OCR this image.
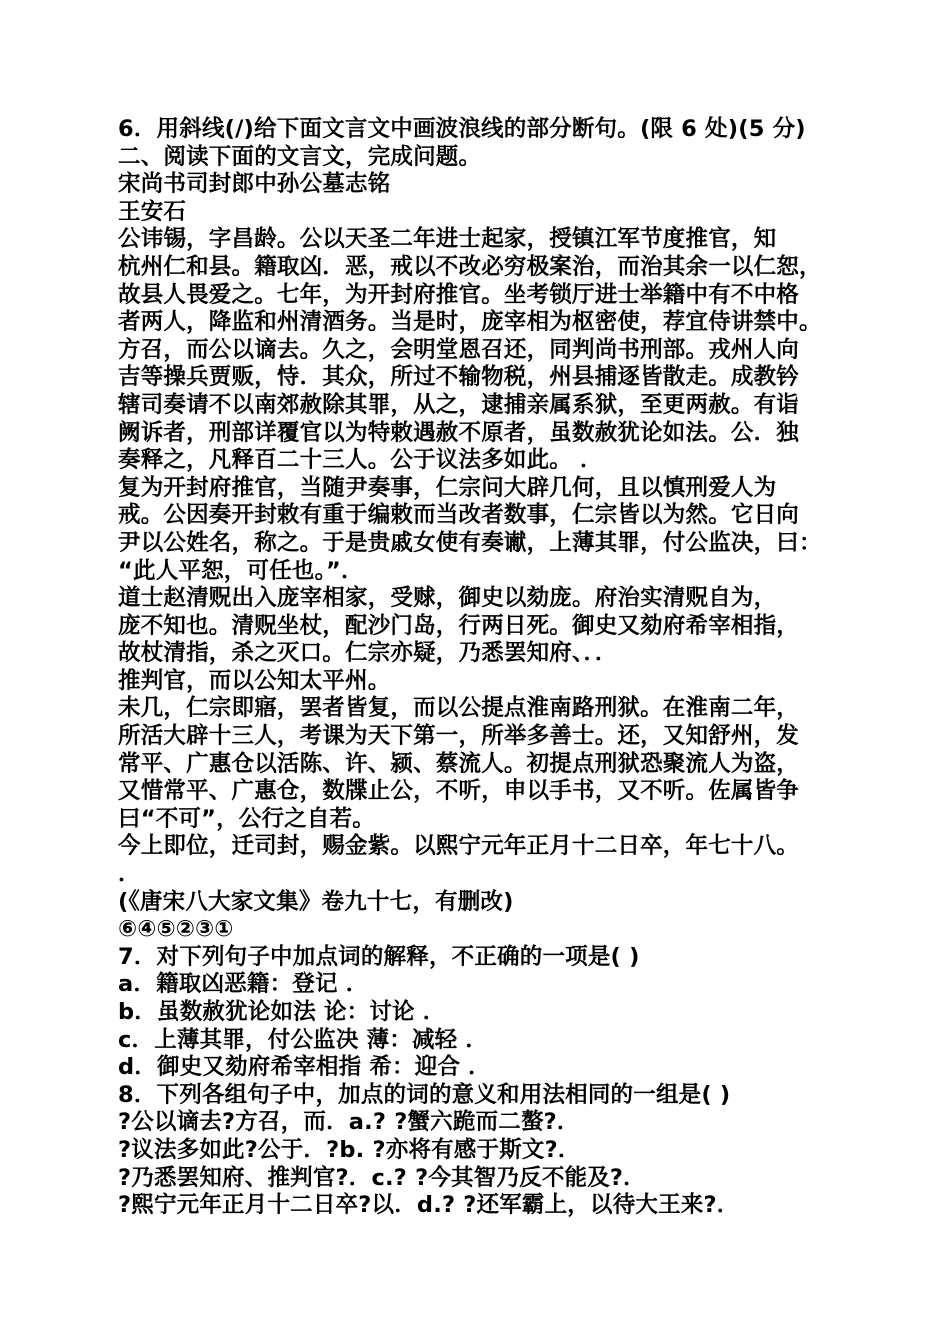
6．用斜线(/)给下面文言文中画波浪线的部分断句。(限 6 处)(5 分)
二、阅读下面的文言文，完成问题。
宋尚书司封郎中孙公墓志铭
王安石
公讳锡，字昌龄。公以天圣二年进士起家，授镇江军节度推官，知
杭州仁和县。籍取凶．恶，戒以不改必穷极案治，而治其余一以仁恕，
故县人畏爱之。七年，为开封府推官。坐考锁厅进士举籍中有不中格
者两人，降监和州清酒务。当是时，庞宰相为枢密使，荐宜侍讲禁中。
方召，而公以谪去。久之，会明堂恩召还，同判尚书刑部。戎州人向
吉等操兵贾贩，恃．其众，所过不输物税，州县捕逐皆散走。成教钤
辖司奏请不以南郊赦除其罪，从之，逮捕亲属系狱，至更两赦。有诣
阙诉者，刑部详覆官以为特敕遇赦不原者，虽数赦犹论如法。公．独
奏释之，凡释百二十三人。公于议法多如此。 ．
复为开封府推官，当随尹奏事，仁宗问大辟几何，且以慎刑爱人为
戒。公因奏开封敕有重于编敕而当改者数事，仁宗皆以为然。它日向
尹以公姓名，称之。于是贵戚女使有奏谳，上薄其罪，付公监决，曰：
“此人平恕，可任也。”．
道士赵清贶出入庞宰相家，受赇，御史以劾庞。府治实清贶自为，
庞不知也。清贶坐杖，配沙门岛，行两日死。御史又劾府希宰相指，
故杖清指，杀之灭口。仁宗亦疑，乃悉罢知府、．．
推判官，而以公知太平州。
未几，仁宗即寤，罢者皆复，而以公提点淮南路刑狱。在淮南二年，
所活大辟十三人，考课为天下第一，所举多善士。还，又知舒州，发
常平、广惠仓以活陈、许、颍、蔡流人。初提点刑狱恐聚流人为盗，
又惜常平、广惠仓，数牒止公，不听，申以手书，又不听。佐属皆争
曰“不可”，公行之自若。
今上即位，迁司封，赐金紫。以熙宁元年正月十二日卒，年七十八。
．
(《唐宋八大家文集》卷九十七，有删改)
⑥④⑤②③①
7．对下列句子中加点词的解释，不正确的一项是( )
a．籍取凶恶籍：登记 ．
b．虽数赦犹论如法 论：讨论 ．
c．上薄其罪，付公监决 薄：减轻 ．
d．御史又劾府希宰相指 希：迎合 ．
8．下列各组句子中，加点的词的意义和用法相同的一组是( )
?公以谪去?方召，而．a.? ?蟹六跪而二螯?．
?议法多如此?公于．?b. ?亦将有感于斯文?．
?乃悉罢知府、推判官?．c.? ?今其智乃反不能及?．
?熙宁元年正月十二日卒?以．d.? ?还军霸上，以待大王来?．
